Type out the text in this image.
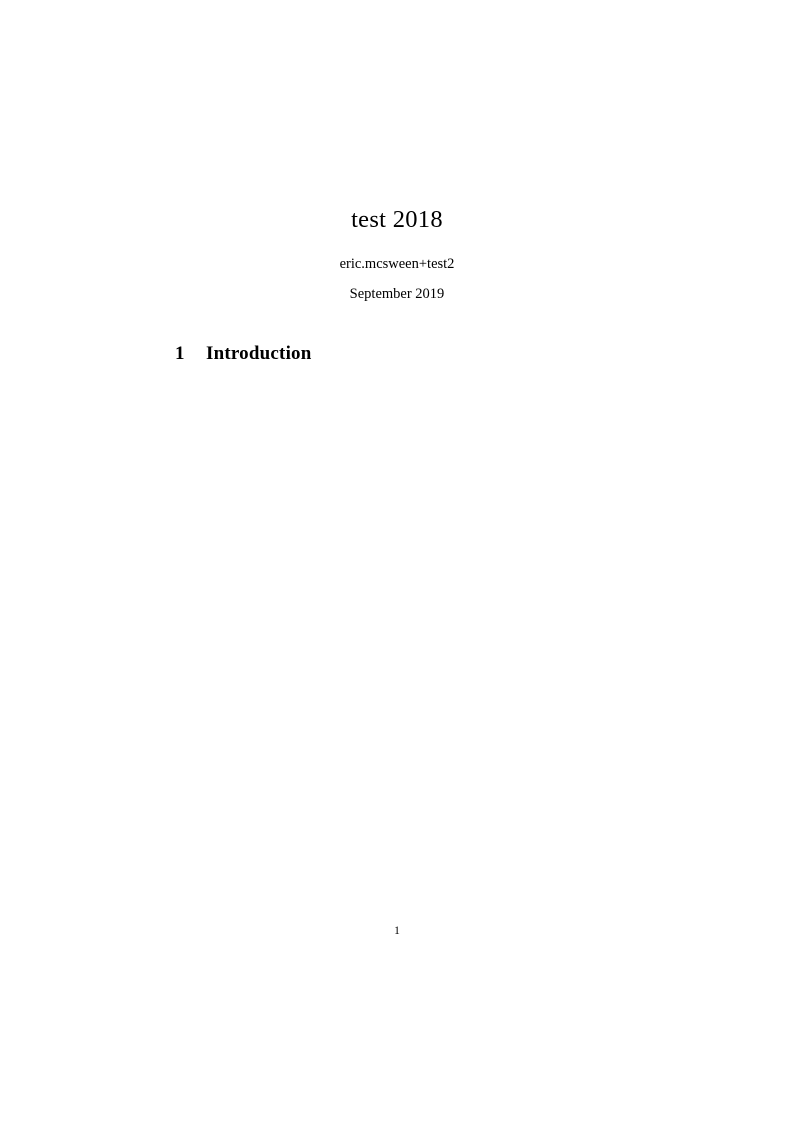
test 2018
eric.mcsween+test2
September 2019
1 Introduction
1
